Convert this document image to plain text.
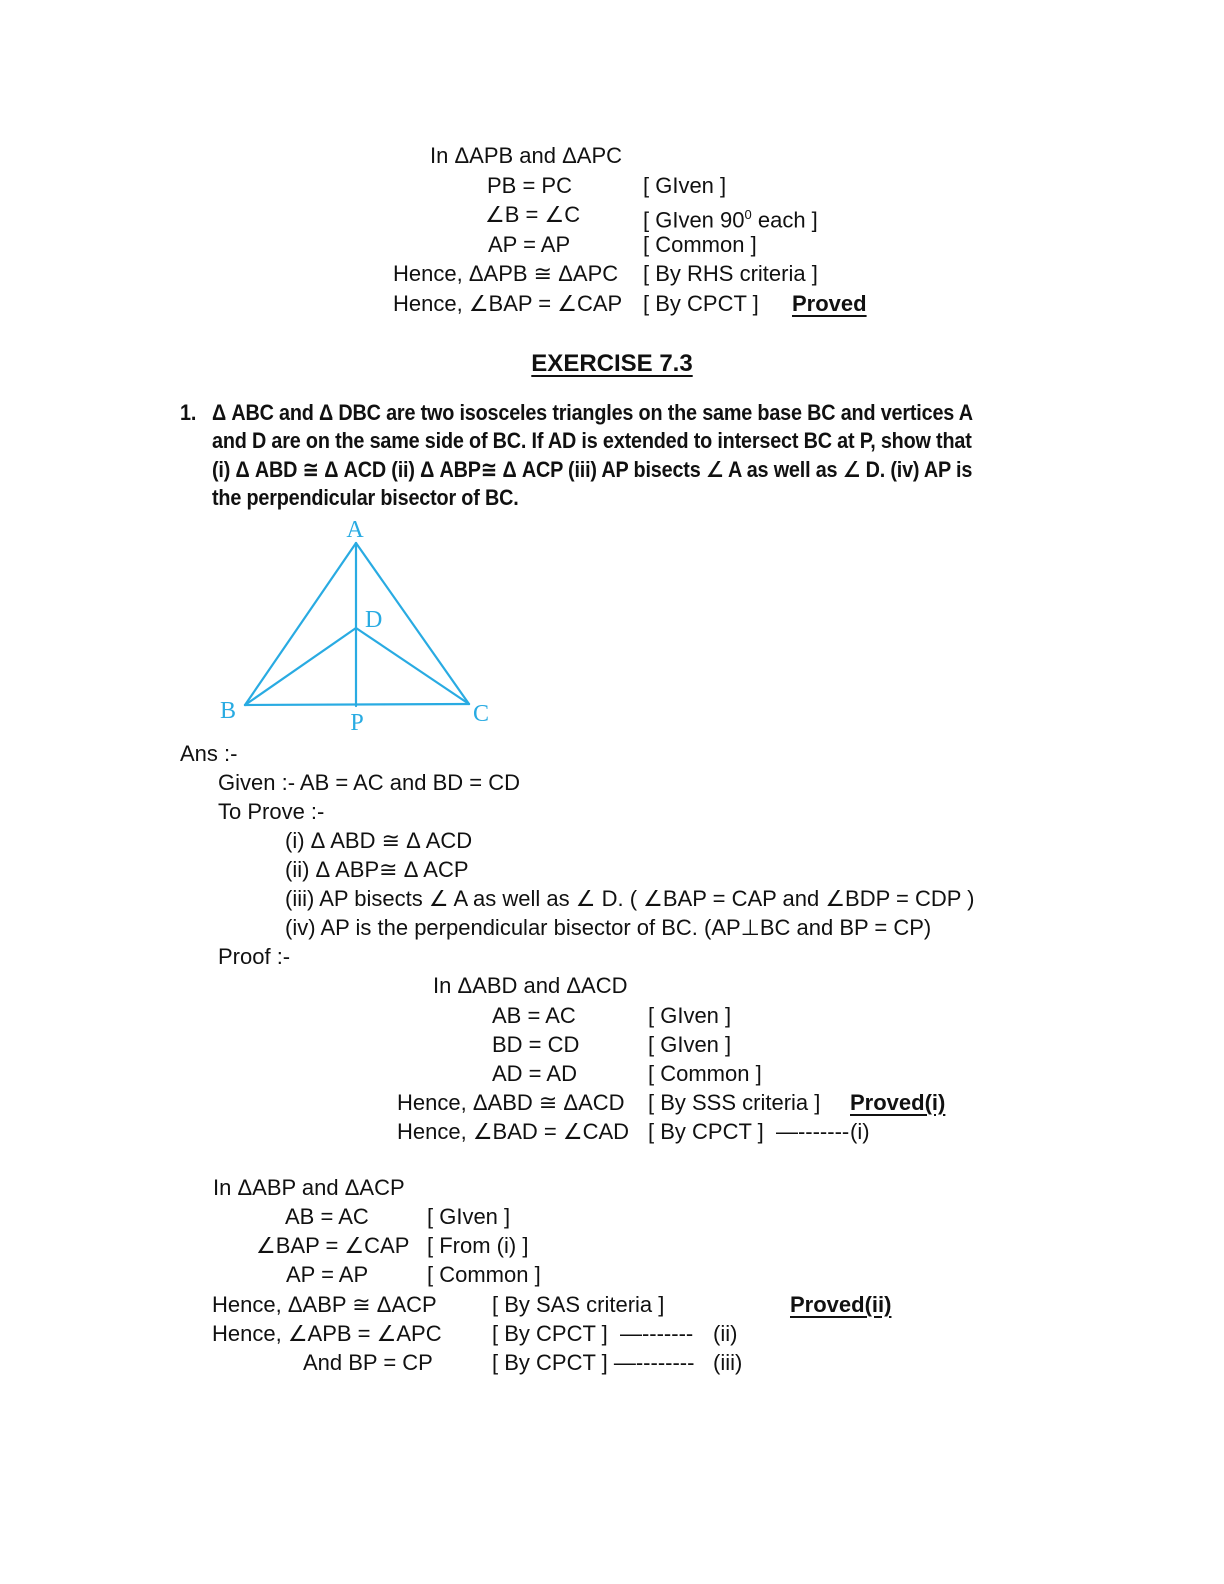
In ΔAPB and ΔAPC
PB = PC	[ GIven ]
∠B = ∠C	[ GIven $90^0$ each ]
AP = AP	[ Common ]
Hence, ΔAPB ≅ ΔAPC [ By RHS criteria ]
Hence, ∠BAP = ∠CAP [ By CPCT ] Proved
EXERCISE 7.3
1. Δ ABC and Δ DBC are two isosceles triangles on the same base BC and vertices A
and D are on the same side of BC. If AD is extended to intersect BC at P, show that
(i) Δ ABD ≅ Δ ACD (ii) Δ ABP≅ Δ ACP (iii) AP bisects ∠ A as well as ∠ D. (iv) AP is
the perpendicular bisector of BC.
A
B	C
D
P
Ans :-
Given :- AB = AC and BD = CD
To Prove :-
(i) Δ ABD ≅ Δ ACD
(ii) Δ ABP≅ Δ ACP
(iii) AP bisects ∠ A as well as ∠ D. ( ∠BAP = CAP and ∠BDP = CDP )
(iv) AP is the perpendicular bisector of BC. (AP⊥BC and BP = CP)
Proof :-
In ΔABD and ΔACD
AB = AC	[ GIven ]
BD = CD	[ GIven ]
AD = AD	[ Common ]
Hence, ΔABD ≅ ΔACD [ By SSS criteria ] Proved(i)
Hence, ∠BAD = ∠CAD [ By CPCT ]  —------- (i)
In ΔABP and ΔACP
AB = AC	[ GIven ]
∠BAP = ∠CAP [ From (i) ]
AP = AP	[ Common ]
Hence, ΔABP ≅ ΔACP	[ By SAS criteria ]	Proved(ii)
Hence, ∠APB = ∠APC [ By CPCT ]  —------- (ii)
And BP = CP	[ By CPCT ] —-------- (iii)
